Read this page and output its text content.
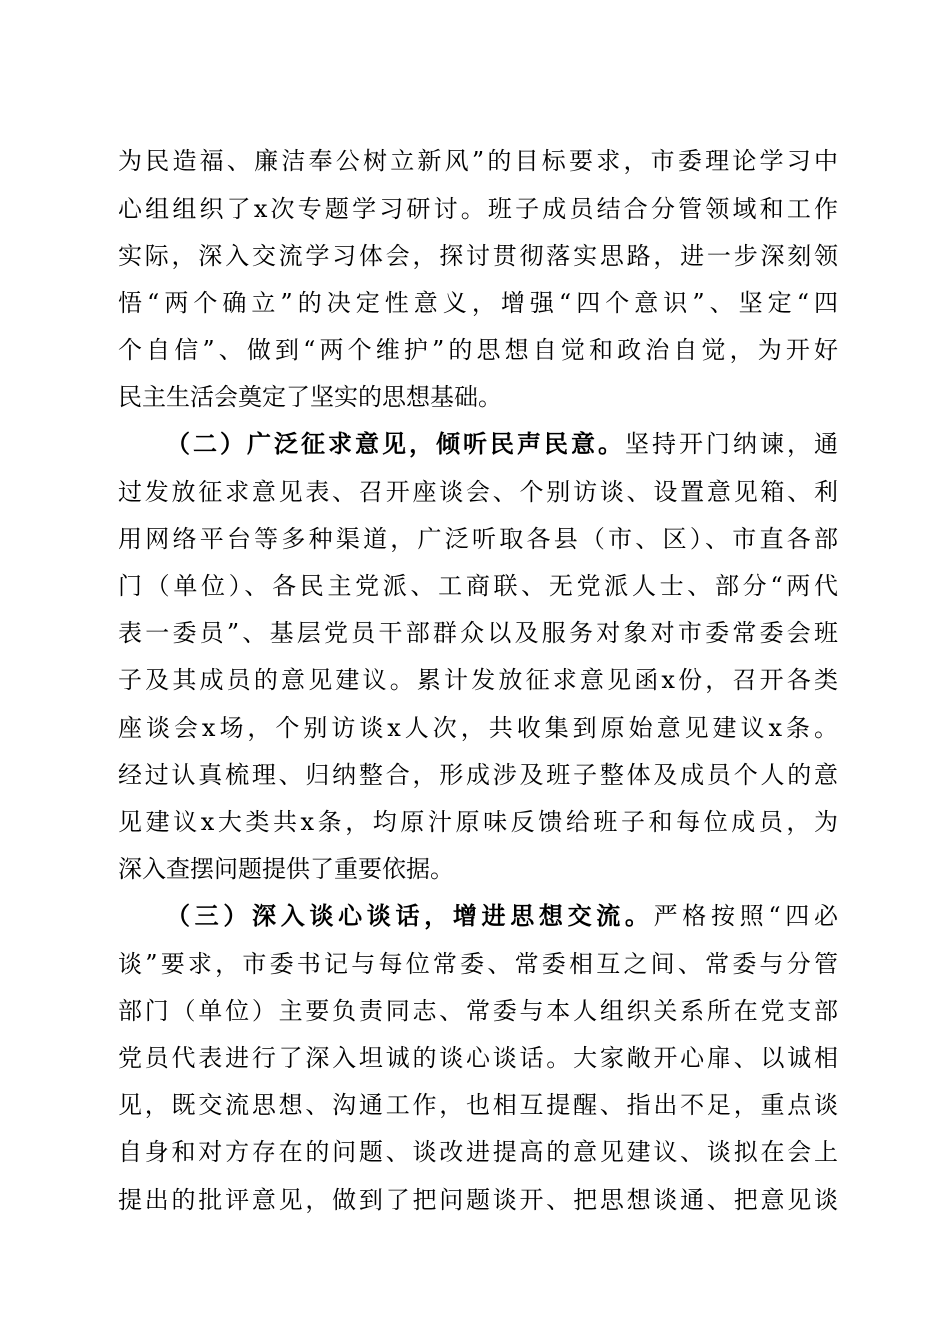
为民造福、廉洁奉公树立新风”的目标要求，市委理论学习中
心组组织了x次专题学习研讨。班子成员结合分管领域和工作
实际，深入交流学习体会，探讨贯彻落实思路，进一步深刻领
悟“两个确立”的决定性意义，增强“四个意识”、坚定“四
个自信”、做到“两个维护”的思想自觉和政治自觉，为开好
民主生活会奠定了坚实的思想基础。
（二）广泛征求意见，倾听民声民意。坚持开门纳谏，通
过发放征求意见表、召开座谈会、个别访谈、设置意见箱、利
用网络平台等多种渠道，广泛听取各县（市、区）、市直各部
门（单位）、各民主党派、工商联、无党派人士、部分“两代
表一委员”、基层党员干部群众以及服务对象对市委常委会班
子及其成员的意见建议。累计发放征求意见函x份，召开各类
座谈会x场，个别访谈x人次，共收集到原始意见建议x条。
经过认真梳理、归纳整合，形成涉及班子整体及成员个人的意
见建议x大类共x条，均原汁原味反馈给班子和每位成员，为
深入查摆问题提供了重要依据。
（三）深入谈心谈话，增进思想交流。严格按照“四必
谈”要求，市委书记与每位常委、常委相互之间、常委与分管
部门（单位）主要负责同志、常委与本人组织关系所在党支部
党员代表进行了深入坦诚的谈心谈话。大家敞开心扉、以诚相
见，既交流思想、沟通工作，也相互提醒、指出不足，重点谈
自身和对方存在的问题、谈改进提高的意见建议、谈拟在会上
提出的批评意见，做到了把问题谈开、把思想谈通、把意见谈
